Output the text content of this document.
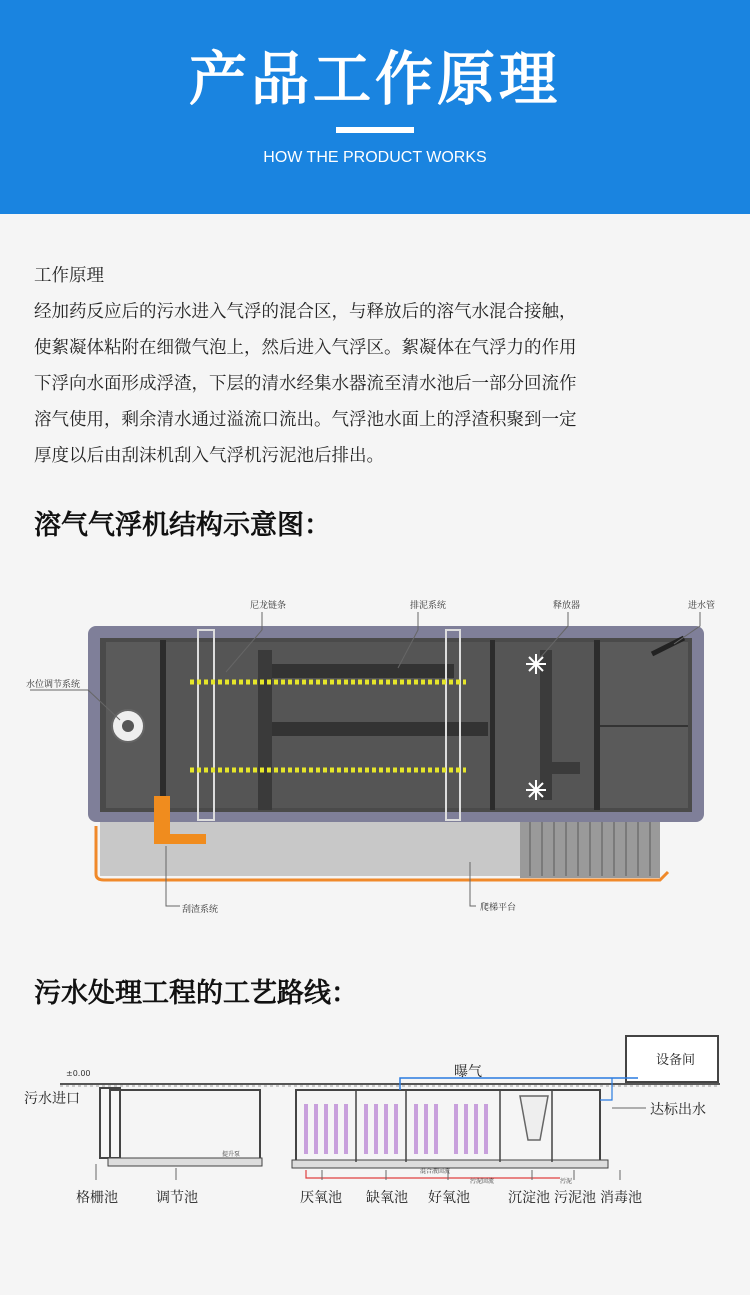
产品工作原理
HOW THE PRODUCT WORKS
工作原理
经加药反应后的污水进入气浮的混合区，与释放后的溶气水混合接触，
使絮凝体粘附在细微气泡上，然后进入气浮区。絮凝体在气浮力的作用
下浮向水面形成浮渣，下层的清水经集水器流至清水池后一部分回流作
溶气使用，剩余清水通过溢流口流出。气浮池水面上的浮渣积聚到一定
厚度以后由刮沫机刮入气浮机污泥池后排出。
溶气气浮机结构示意图：
尼龙链条	排泥系统	释放器	进水管
水位调节系统
刮渣系统	爬梯平台
污水处理工程的工艺路线：
±0.00
设备间
提升泵
混合液回流
污泥回流	污泥
污水进口
曝气
达标出水
格栅池	调节池	厌氧池 缺氧池 好氧池	沉淀池 污泥池 消毒池
